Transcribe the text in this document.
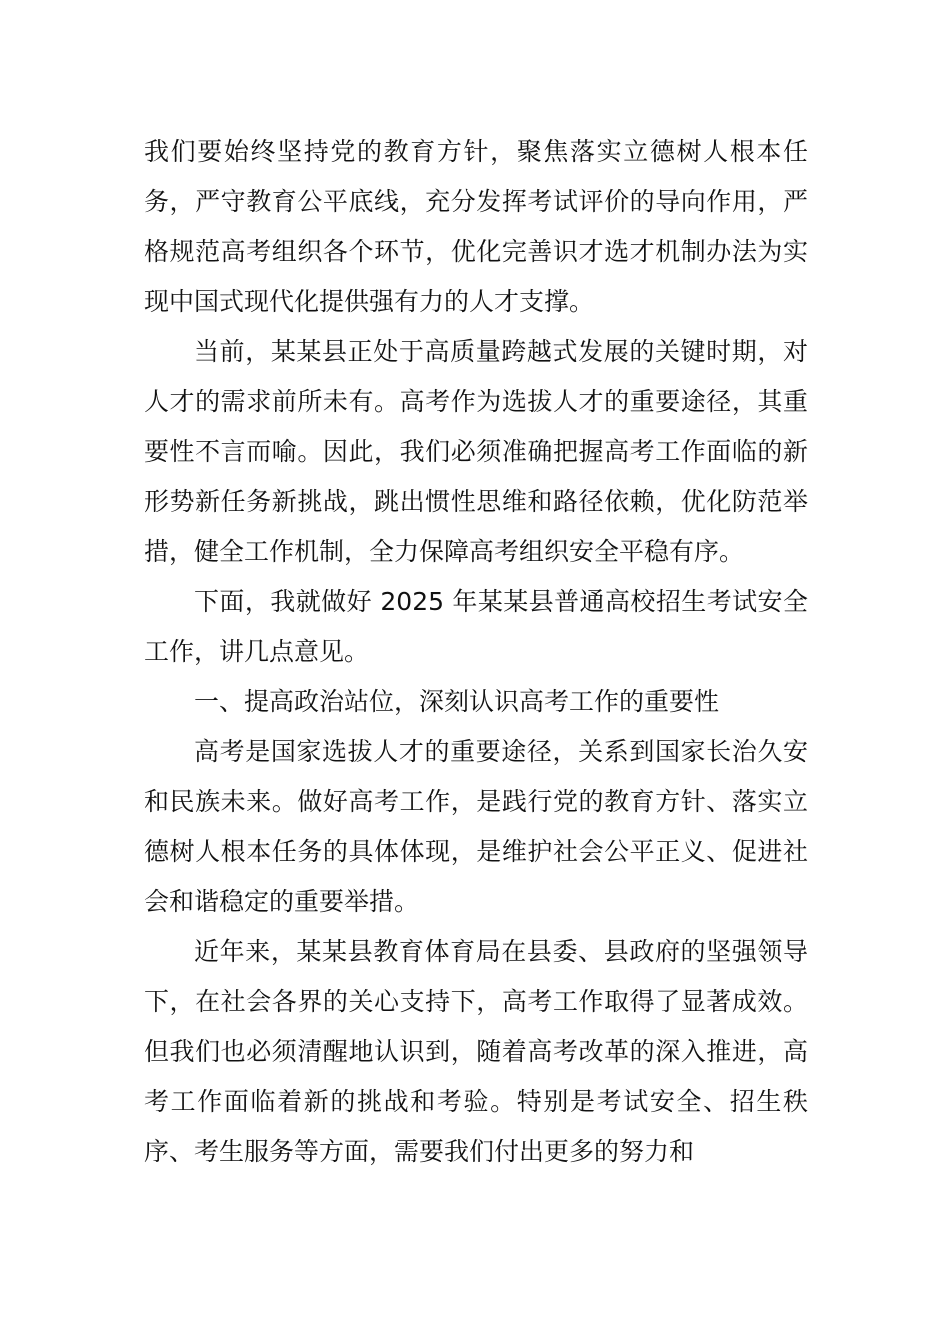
我们要始终坚持党的教育方针，聚焦落实立德树人根本任务，严守教育公平底线，充分发挥考试评价的导向作用，严格规范高考组织各个环节，优化完善识才选才机制办法为实现中国式现代化提供强有力的人才支撑。

当前，某某县正处于高质量跨越式发展的关键时期，对人才的需求前所未有。高考作为选拔人才的重要途径，其重要性不言而喻。因此，我们必须准确把握高考工作面临的新形势新任务新挑战，跳出惯性思维和路径依赖，优化防范举措，健全工作机制，全力保障高考组织安全平稳有序。

下面，我就做好 2025 年某某县普通高校招生考试安全工作，讲几点意见。

一、提高政治站位，深刻认识高考工作的重要性

高考是国家选拔人才的重要途径，关系到国家长治久安和民族未来。做好高考工作，是践行党的教育方针、落实立德树人根本任务的具体体现，是维护社会公平正义、促进社会和谐稳定的重要举措。

近年来，某某县教育体育局在县委、县政府的坚强领导下，在社会各界的关心支持下，高考工作取得了显著成效。但我们也必须清醒地认识到，随着高考改革的深入推进，高考工作面临着新的挑战和考验。特别是考试安全、招生秩序、考生服务等方面，需要我们付出更多的努力和
